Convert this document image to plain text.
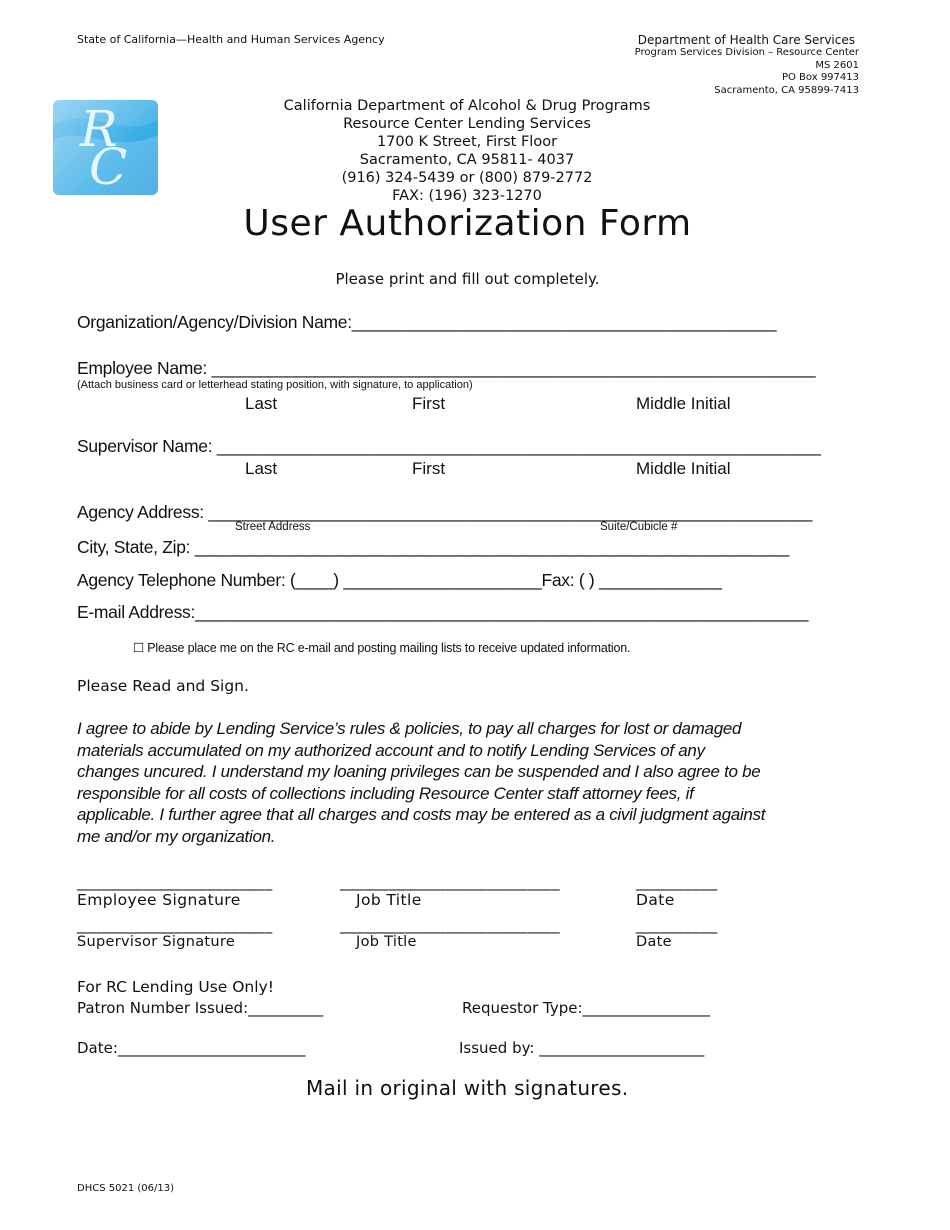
State of California—Health and Human Services Agency	Department of Health Care Services
Program Services Division – Resource Center
MS 2601
PO Box 997413
Sacramento, CA 95899-7413
R
C
California Department of Alcohol & Drug Programs
Resource Center Lending Services
1700 K Street, First Floor
Sacramento, CA 95811- 4037
(916) 324-5439 or (800) 879-2772
FAX: (196) 323-1270
User Authorization Form
Please print and fill out completely.
Organization/Agency/Division Name:_____________________________________________
Employee Name: ________________________________________________________________
(Attach business card or letterhead stating position, with signature, to application)
Last	First	Middle Initial
Supervisor Name: ________________________________________________________________
Last	First	Middle Initial
Agency Address: ________________________________________________________________
Street Address	Suite/Cubicle #
City, State, Zip: _______________________________________________________________
Agency Telephone Number: (____) _____________________Fax: ( ) _____________
E-mail Address:_________________________________________________________________
☐ Please place me on the RC e-mail and posting mailing lists to receive updated information.
Please Read and Sign.
I agree to abide by Lending Service’s rules & policies, to pay all charges for lost or damaged materials accumulated on my authorized account and to notify Lending Services of any changes uncured. I understand my loaning privileges can be suspended and I also agree to be responsible for all costs of collections including Resource Center staff attorney fees, if applicable. I further agree that all charges and costs may be entered as a civil judgment against me and/or my organization.
________________________	___________________________	__________
Employee Signature	Job Title	Date
________________________	___________________________	__________
Supervisor Signature	Job Title	Date
For RC Lending Use Only!
Patron Number Issued:__________	Requestor Type:_________________
Date:_________________________	Issued by: ______________________
Mail in original with signatures.
DHCS 5021 (06/13)
